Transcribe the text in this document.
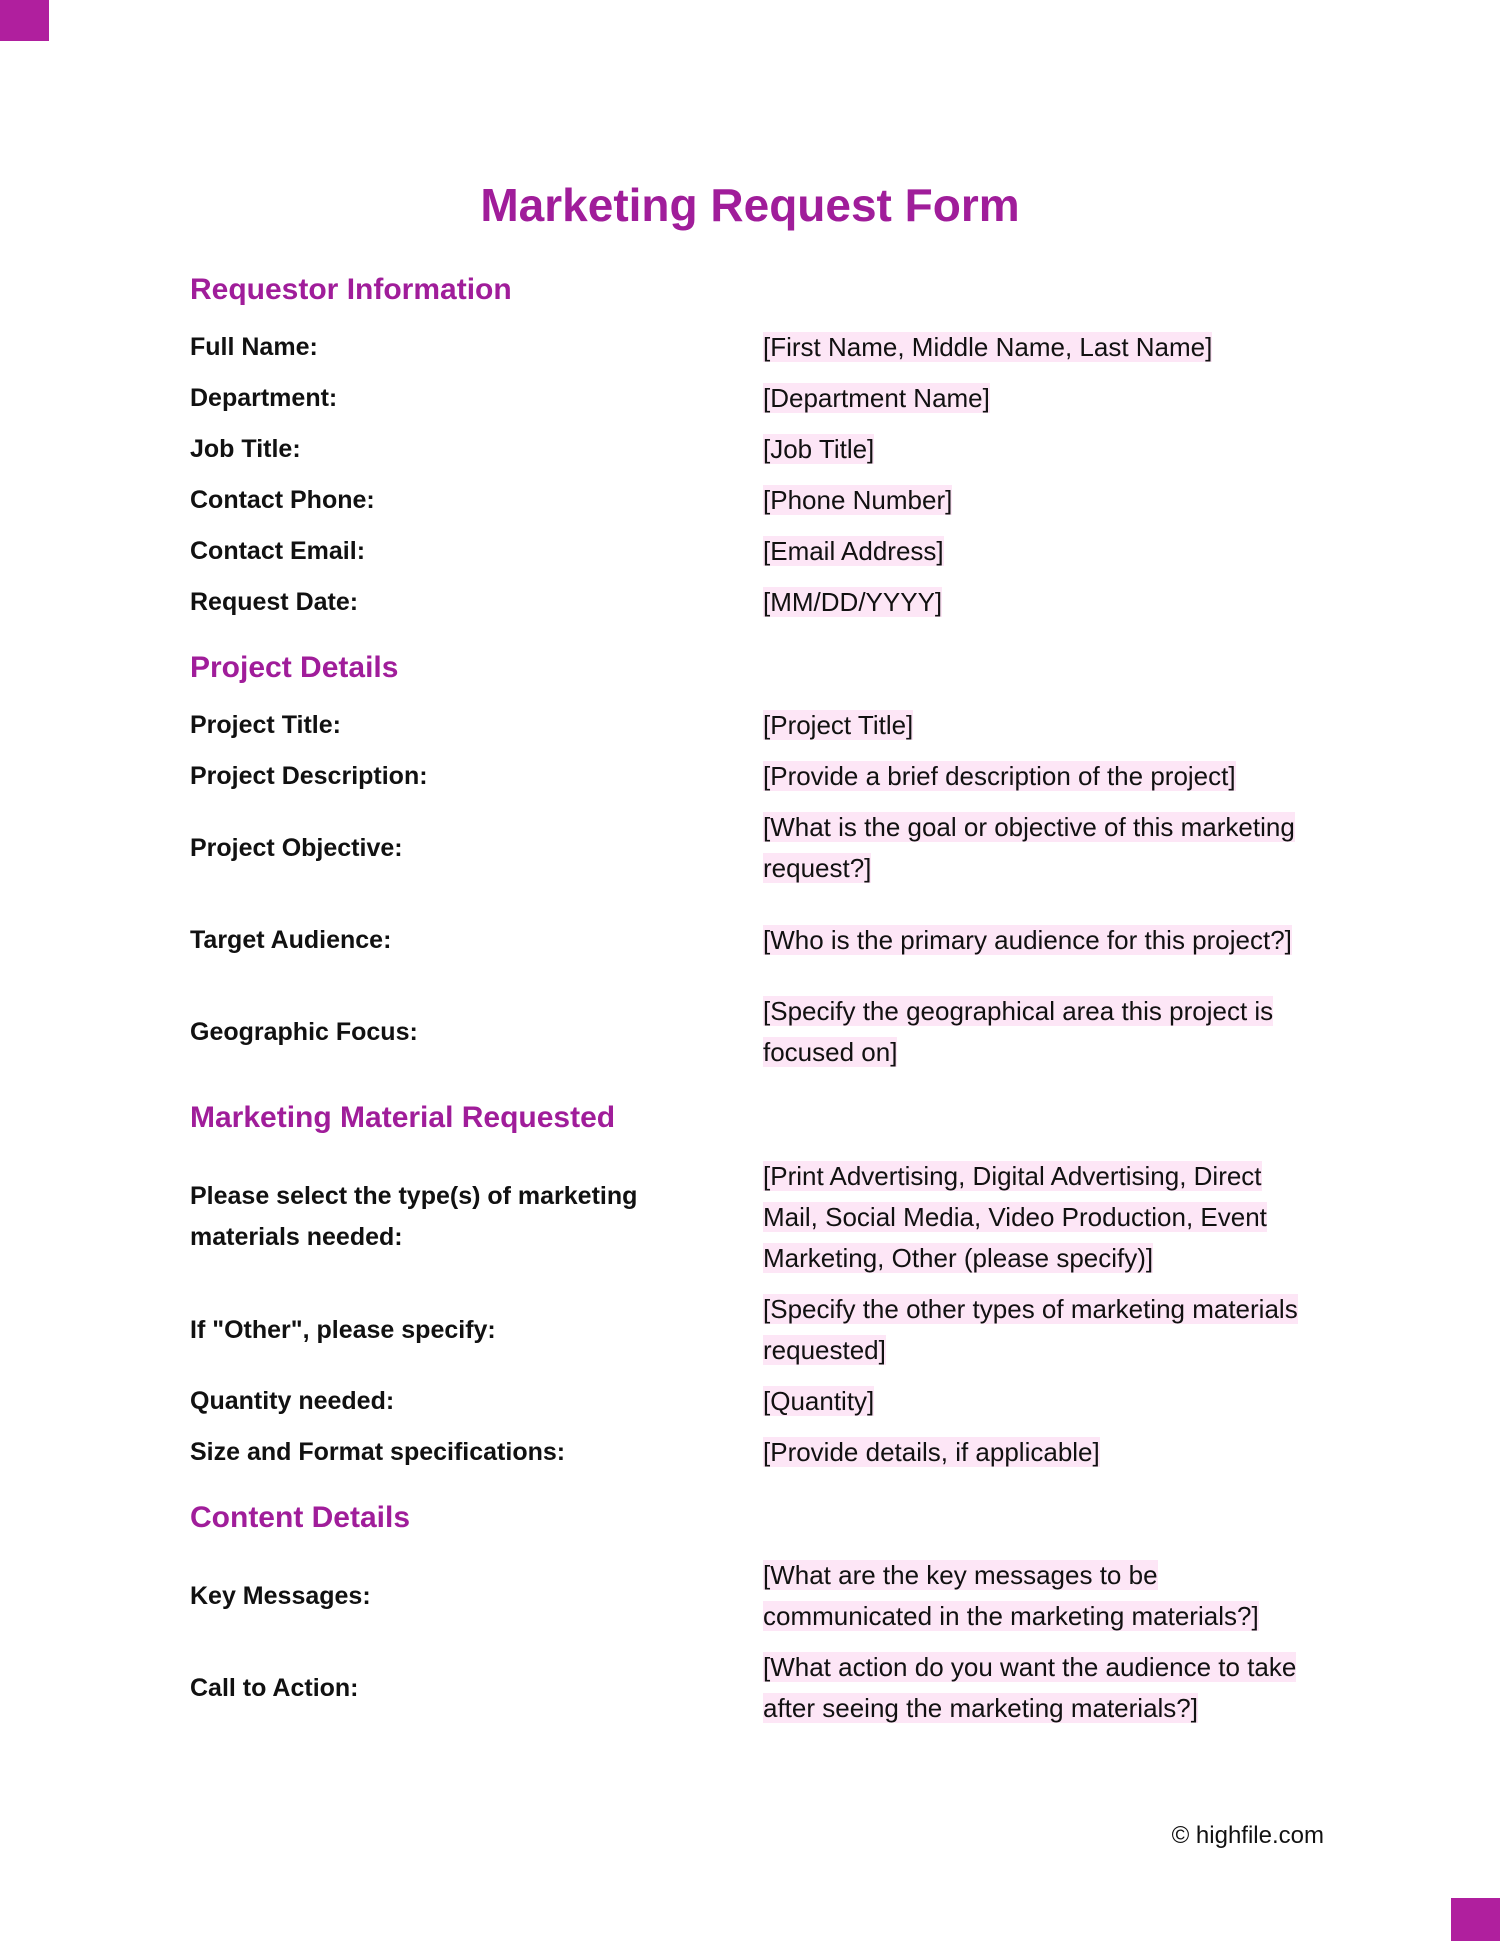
Marketing Request Form
Requestor Information
Full Name:	[First Name, Middle Name, Last Name]
Department:	[Department Name]
Job Title:	[Job Title]
Contact Phone:	[Phone Number]
Contact Email:	[Email Address]
Request Date:	[MM/DD/YYYY]
Project Details
Project Title:	[Project Title]
Project Description:	[Provide a brief description of the project]
Project Objective:
[What is the goal or objective of this marketing request?]
Target Audience:	[Who is the primary audience for this project?]
Geographic Focus:
[Specify the geographical area this project is focused on]
Marketing Material Requested
Please select the type(s) of marketing materials needed:
[Print Advertising, Digital Advertising, Direct Mail, Social Media, Video Production, Event Marketing, Other (please specify)]
If "Other", please specify:
[Specify the other types of marketing materials requested]
Quantity needed:	[Quantity]
Size and Format specifications:	[Provide details, if applicable]
Content Details
Key Messages:
[What are the key messages to be communicated in the marketing materials?]
Call to Action:
[What action do you want the audience to take after seeing the marketing materials?]
© highfile.com
